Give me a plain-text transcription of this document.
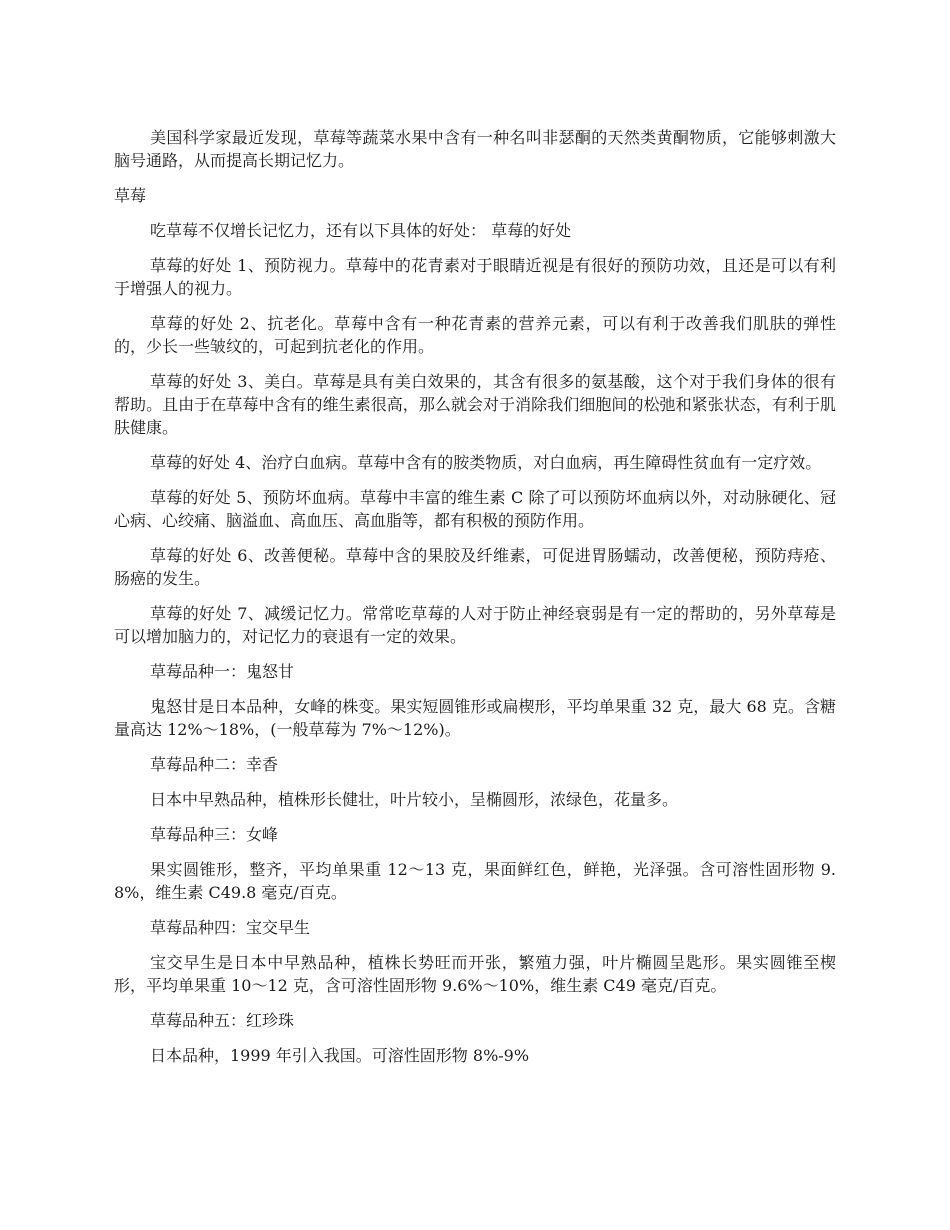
美国科学家最近发现，草莓等蔬菜水果中含有一种名叫非瑟酮的天然类黄酮物质，它能够刺激大脑号通路，从而提高长期记忆力。

草莓

吃草莓不仅增长记忆力，还有以下具体的好处： 草莓的好处

草莓的好处 1、预防视力。草莓中的花青素对于眼睛近视是有很好的预防功效，且还是可以有利于增强人的视力。

草莓的好处 2、抗老化。草莓中含有一种花青素的营养元素，可以有利于改善我们肌肤的弹性的，少长一些皱纹的，可起到抗老化的作用。

草莓的好处 3、美白。草莓是具有美白效果的，其含有很多的氨基酸，这个对于我们身体的很有帮助。且由于在草莓中含有的维生素很高，那么就会对于消除我们细胞间的松弛和紧张状态，有利于肌肤健康。

草莓的好处 4、治疗白血病。草莓中含有的胺类物质，对白血病，再生障碍性贫血有一定疗效。

草莓的好处 5、预防坏血病。草莓中丰富的维生素 C 除了可以预防坏血病以外，对动脉硬化、冠心病、心绞痛、脑溢血、高血压、高血脂等，都有积极的预防作用。

草莓的好处 6、改善便秘。草莓中含的果胶及纤维素，可促进胃肠蠕动，改善便秘，预防痔疮、肠癌的发生。

草莓的好处 7、减缓记忆力。常常吃草莓的人对于防止神经衰弱是有一定的帮助的，另外草莓是可以增加脑力的，对记忆力的衰退有一定的效果。

草莓品种一：鬼怒甘

鬼怒甘是日本品种，女峰的株变。果实短圆锥形或扁楔形，平均单果重 32 克，最大 68 克。含糖量高达 12%～18%，(一般草莓为 7%～12%)。

草莓品种二：幸香

日本中早熟品种，植株形长健壮，叶片较小，呈椭圆形，浓绿色，花量多。

草莓品种三：女峰

果实圆锥形，整齐，平均单果重 12～13 克，果面鲜红色，鲜艳，光泽强。含可溶性固形物 9.8%，维生素 C49.8 毫克/百克。

草莓品种四：宝交早生

宝交早生是日本中早熟品种，植株长势旺而开张，繁殖力强，叶片椭圆呈匙形。果实圆锥至楔形，平均单果重 10～12 克，含可溶性固形物 9.6%～10%，维生素 C49 毫克/百克。

草莓品种五：红珍珠

日本品种，1999 年引入我国。可溶性固形物 8%-9%
